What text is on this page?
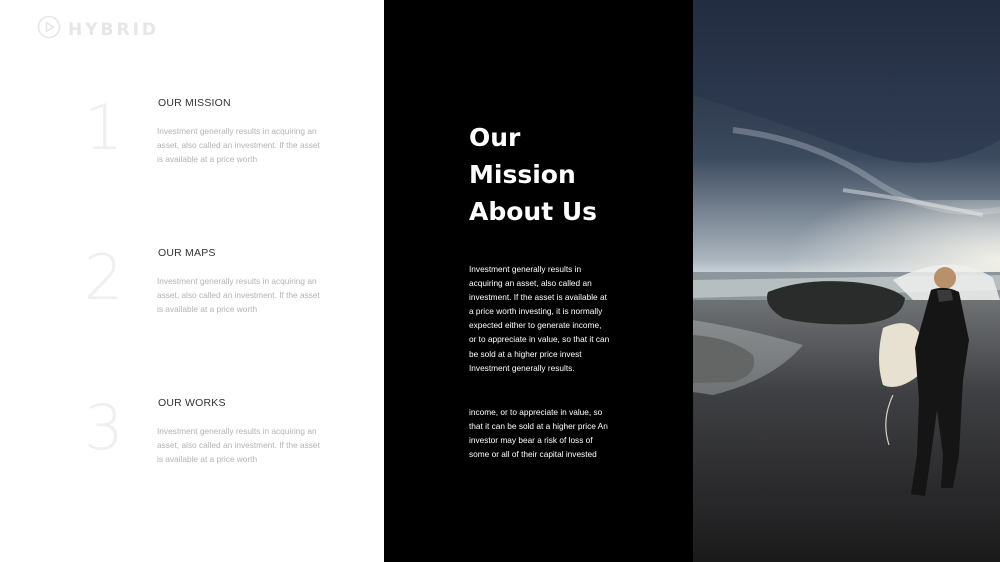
HYBRID
1	OUR MISSION
Investment generally results in acquiring an asset, also called an investment. If the asset is available at a price worth
2	OUR MAPS
Investment generally results in acquiring an asset, also called an investment. If the asset is available at a price worth
3	OUR WORKS
Investment generally results in acquiring an asset, also called an investment. If the asset is available at a price worth
Our
Mission
About Us

Investment generally results in acquiring an asset, also called an investment. If the asset is available at a price worth investing, it is normally expected either to generate income, or to appreciate in value, so that it can be sold at a higher price invest Investment generally results.

income, or to appreciate in value, so that it can be sold at a higher price An investor may bear a risk of loss of some or all of their capital invested
